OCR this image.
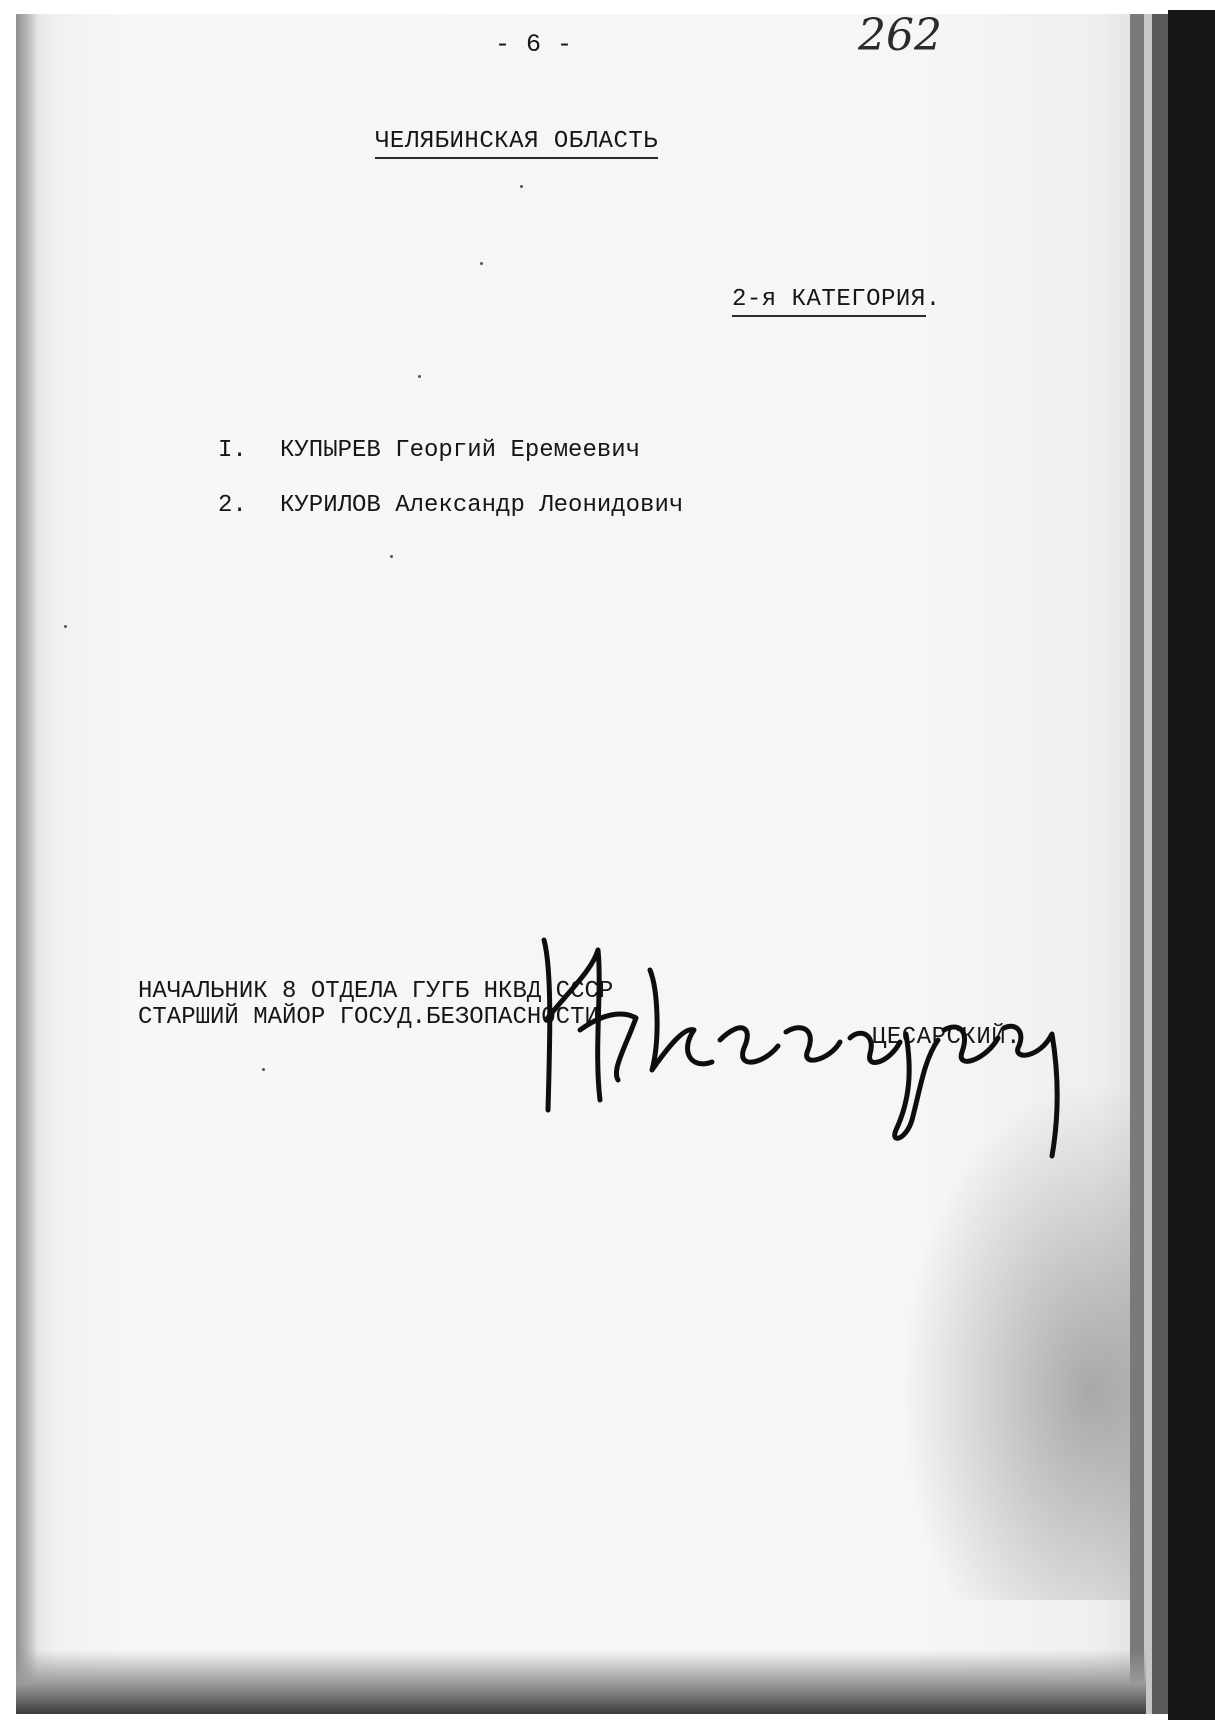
- 6 -	262
ЧЕЛЯБИНСКАЯ ОБЛАСТЬ
2-я КАТЕГОРИЯ.
I. КУПЫРЕВ Георгий Еремеевич
2. КУРИЛОВ Александр Леонидович
НАЧАЛЬНИК 8 ОТДЕЛА ГУГБ НКВД СССР
СТАРШИЙ МАЙОР ГОСУД.БЕЗОПАСНОСТИ
ЦЕСАРСКИЙ.
